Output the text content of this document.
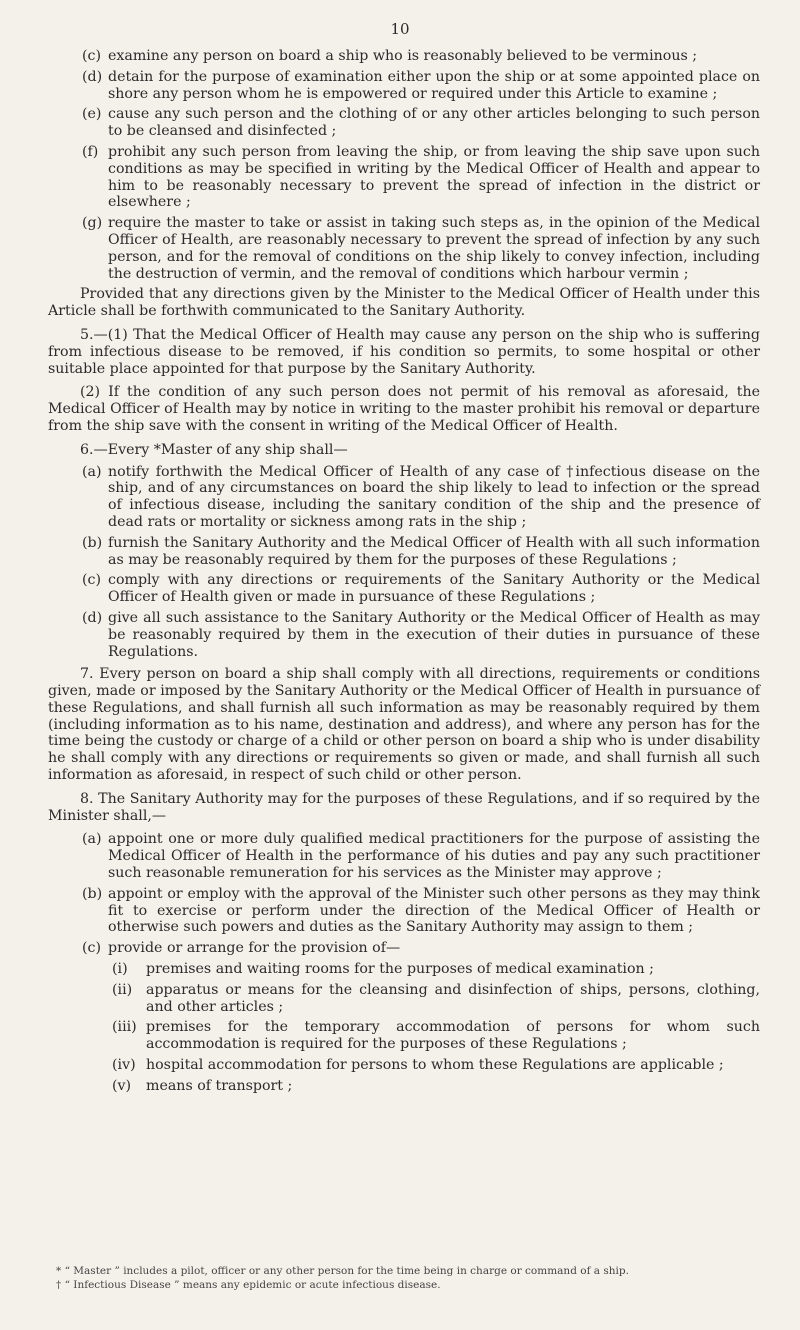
10
(c) examine any person on board a ship who is reasonably believed to be verminous ;
(d) detain for the purpose of examination either upon the ship or at some appointed place on shore any person whom he is empowered or required under this Article to examine ;
(e) cause any such person and the clothing of or any other articles belonging to such person to be cleansed and disinfected ;
(f) prohibit any such person from leaving the ship, or from leaving the ship save upon such conditions as may be specified in writing by the Medical Officer of Health and appear to him to be reasonably necessary to prevent the spread of infection in the district or elsewhere ;
(g) require the master to take or assist in taking such steps as, in the opinion of the Medical Officer of Health, are reasonably necessary to prevent the spread of infection by any such person, and for the removal of conditions on the ship likely to convey infection, including the destruction of vermin, and the removal of conditions which harbour vermin ;

Provided that any directions given by the Minister to the Medical Officer of Health under this Article shall be forthwith communicated to the Sanitary Authority.

5.—(1) That the Medical Officer of Health may cause any person on the ship who is suffering from infectious disease to be removed, if his condition so permits, to some hospital or other suitable place appointed for that purpose by the Sanitary Authority.

(2) If the condition of any such person does not permit of his removal as aforesaid, the Medical Officer of Health may by notice in writing to the master prohibit his removal or departure from the ship save with the consent in writing of the Medical Officer of Health.

6.—Every *Master of any ship shall—

(a) notify forthwith the Medical Officer of Health of any case of †infectious disease on the ship, and of any circumstances on board the ship likely to lead to infection or the spread of infectious disease, including the sanitary condition of the ship and the presence of dead rats or mortality or sickness among rats in the ship ;
(b) furnish the Sanitary Authority and the Medical Officer of Health with all such information as may be reasonably required by them for the purposes of these Regulations ;
(c) comply with any directions or requirements of the Sanitary Authority or the Medical Officer of Health given or made in pursuance of these Regulations ;
(d) give all such assistance to the Sanitary Authority or the Medical Officer of Health as may be reasonably required by them in the execution of their duties in pursuance of these Regulations.

7. Every person on board a ship shall comply with all directions, requirements or conditions given, made or imposed by the Sanitary Authority or the Medical Officer of Health in pursuance of these Regulations, and shall furnish all such information as may be reasonably required by them (including information as to his name, destination and address), and where any person has for the time being the custody or charge of a child or other person on board a ship who is under disability he shall comply with any directions or requirements so given or made, and shall furnish all such information as aforesaid, in respect of such child or other person.

8. The Sanitary Authority may for the purposes of these Regulations, and if so required by the Minister shall,—

(a) appoint one or more duly qualified medical practitioners for the purpose of assisting the Medical Officer of Health in the performance of his duties and pay any such practitioner such reasonable remuneration for his services as the Minister may approve ;
(b) appoint or employ with the approval of the Minister such other persons as they may think fit to exercise or perform under the direction of the Medical Officer of Health or otherwise such powers and duties as the Sanitary Authority may assign to them ;
(c) provide or arrange for the provision of—
(i)	premises and waiting rooms for the purposes of medical examination ;
(ii) apparatus or means for the cleansing and disinfection of ships, persons, clothing, and other articles ;
(iii) premises for the temporary accommodation of persons for whom such accommodation is required for the purposes of these Regulations ;
(iv) hospital accommodation for persons to whom these Regulations are applicable ;
(v)	means of transport ;

* “ Master ” includes a pilot, officer or any other person for the time being in charge or command of a ship.

† “ Infectious Disease ” means any epidemic or acute infectious disease.
